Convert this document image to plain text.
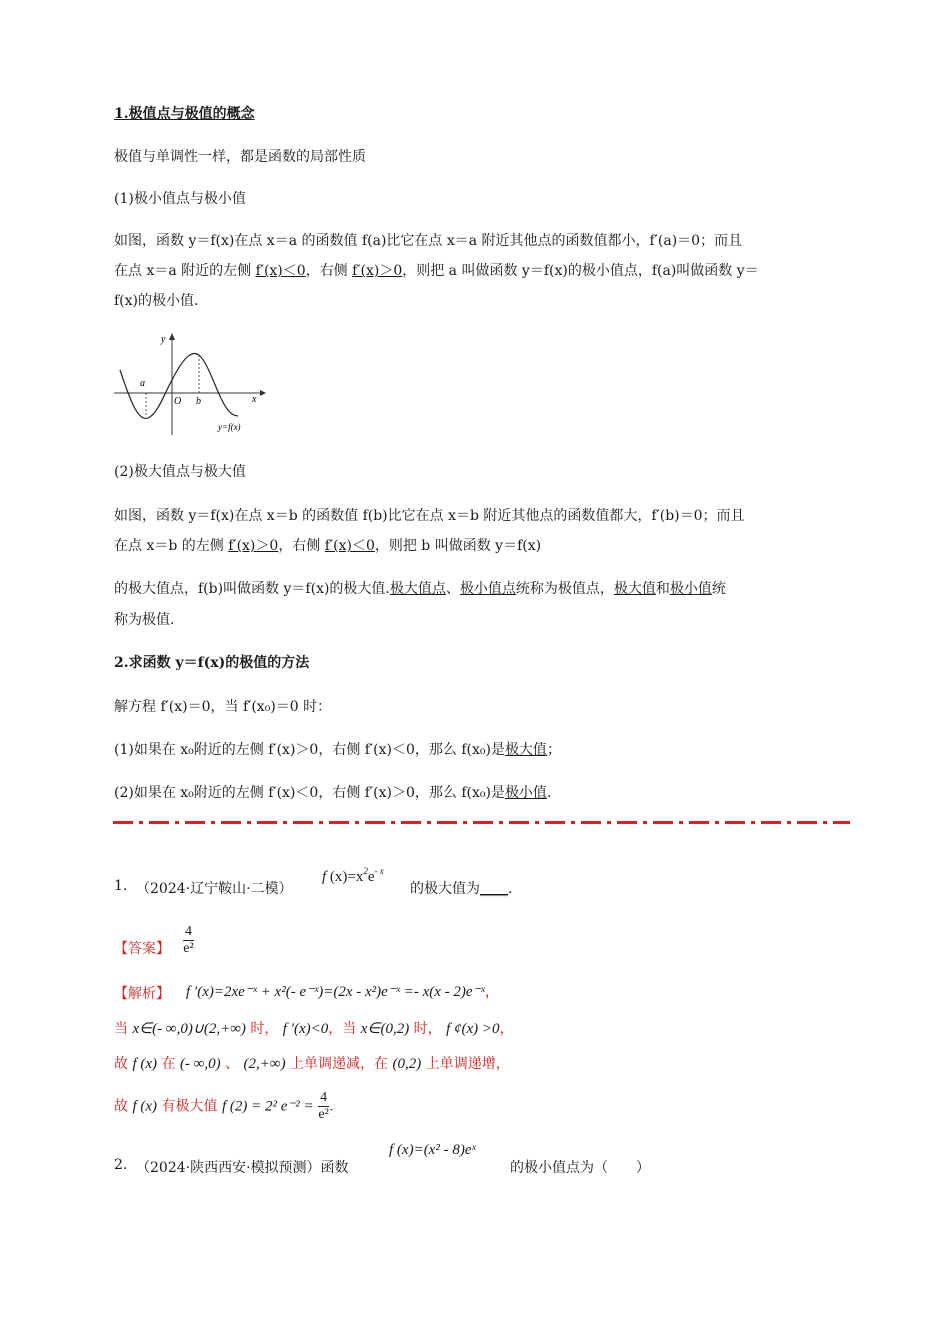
1.极值点与极值的概念
极值与单调性一样，都是函数的局部性质
(1)极小值点与极小值
如图，函数 y＝f(x)在点 x＝a 的函数值 f(a)比它在点 x＝a 附近其他点的函数值都小，f′(a)＝0；而且
在点 x＝a 附近的左侧 f′(x)＜0，右侧 f′(x)＞0，则把 a 叫做函数 y＝f(x)的极小值点，f(a)叫做函数 y＝
f(x)的极小值.
y
x
O
a
b
y=f(x)
(2)极大值点与极大值
如图，函数 y＝f(x)在点 x＝b 的函数值 f(b)比它在点 x＝b 附近其他点的函数值都大，f′(b)＝0；而且
在点 x＝b 的左侧 f′(x)＞0，右侧 f′(x)＜0，则把 b 叫做函数 y＝f(x)
的极大值点，f(b)叫做函数 y＝f(x)的极大值.极大值点、极小值点统称为极值点，极大值和极小值统
称为极值.
2.求函数 y＝f(x)的极值的方法
解方程 f′(x)＝0，当 f′(x₀)＝0 时：
(1)如果在 x₀附近的左侧 f′(x)＞0，右侧 f′(x)＜0，那么 f(x₀)是极大值；
(2)如果在 x₀附近的左侧 f′(x)＜0，右侧 f′(x)＞0，那么 f(x₀)是极小值.
1. （2024·辽宁鞍山·二模）
f $(x)=x^2e^{- x}$
的极大值为____.
【答案】 $\frac{4}{\text{e²}}$
【解析】 f ′(x)=2xe⁻ˣ + x²(- e⁻ˣ)=(2x - x²)e⁻ˣ =- x(x - 2)e⁻ˣ，
当 x∈(- ∞,0)∪(2,+∞) 时， f ′(x)<0，当 x∈(0,2) 时， f ¢(x) >0，
故 f (x) 在 (- ∞,0) 、 (2,+∞) 上单调递减，在 (0,2) 上单调递增，
故 f (x) 有极大值 f (2) = 2² $e^{-2} = \frac{4}{\text{e²}}$ .
2. （2024·陕西西安·模拟预测）函数
f (x)=(x² - 8)eˣ
的极小值点为（　　）
